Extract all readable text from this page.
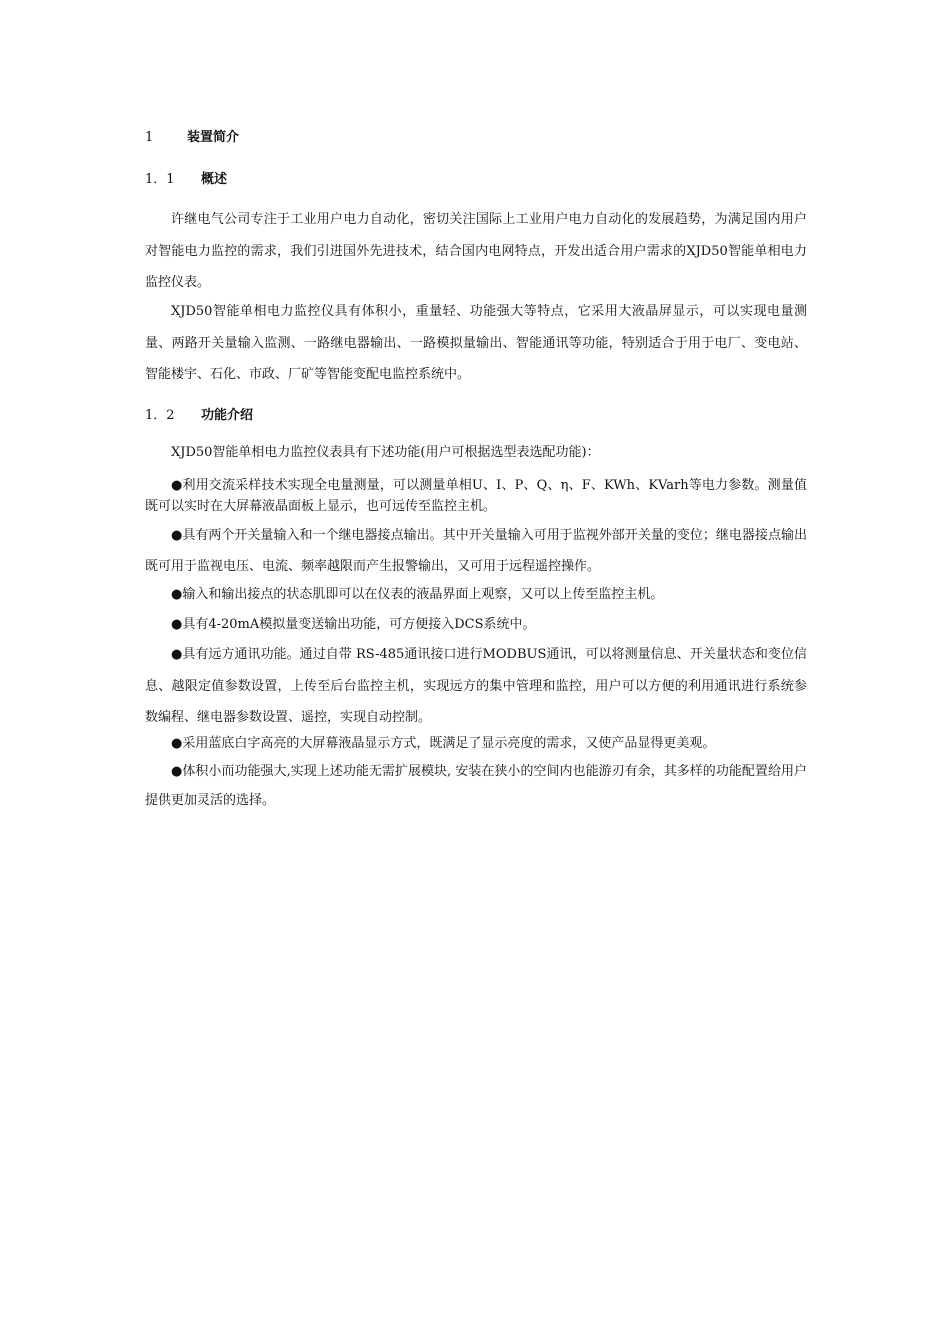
1	装置简介
1．1 概述

许继电气公司专注于工业用户电力自动化，密切关注国际上工业用户电力自动化的发展趋势，为满足国内用户对智能电力监控的需求，我们引进国外先进技术，结合国内电网特点，开发出适合用户需求的XJD50智能单相电力监控仪表。

XJD50智能单相电力监控仪具有体积小，重量轻、功能强大等特点，它采用大液晶屏显示，可以实现电量测量、两路开关量输入监测、一路继电器输出、一路模拟量输出、智能通讯等功能，特别适合于用于电厂、变电站、智能楼宇、石化、市政、厂矿等智能变配电监控系统中。

1．2 功能介绍

XJD50智能单相电力监控仪表具有下述功能(用户可根据选型表选配功能)：

●利用交流采样技术实现全电量测量，可以测量单相U、I、P、Q、η、F、KWh、KVarh等电力参数。测量值既可以实时在大屏幕液晶面板上显示，也可远传至监控主机。

●具有两个开关量输入和一个继电器接点输出。其中开关量输入可用于监视外部开关量的变位；继电器接点输出既可用于监视电压、电流、频率越限而产生报警输出，又可用于远程遥控操作。

●输入和输出接点的状态肌即可以在仪表的液晶界面上观察，又可以上传至监控主机。

●具有4-20mA模拟量变送输出功能，可方便接入DCS系统中。

●具有远方通讯功能。通过自带 RS-485通讯接口进行MODBUS通讯，可以将测量信息、开关量状态和变位信息、越限定值参数设置，上传至后台监控主机，实现远方的集中管理和监控，用户可以方便的利用通讯进行系统参数编程、继电器参数设置、遥控，实现自动控制。

●采用蓝底白字高亮的大屏幕液晶显示方式，既满足了显示亮度的需求，又使产品显得更美观。

●体积小而功能强大,实现上述功能无需扩展模块, 安装在狭小的空间内也能游刃有余，其多样的功能配置给用户提供更加灵活的选择。
